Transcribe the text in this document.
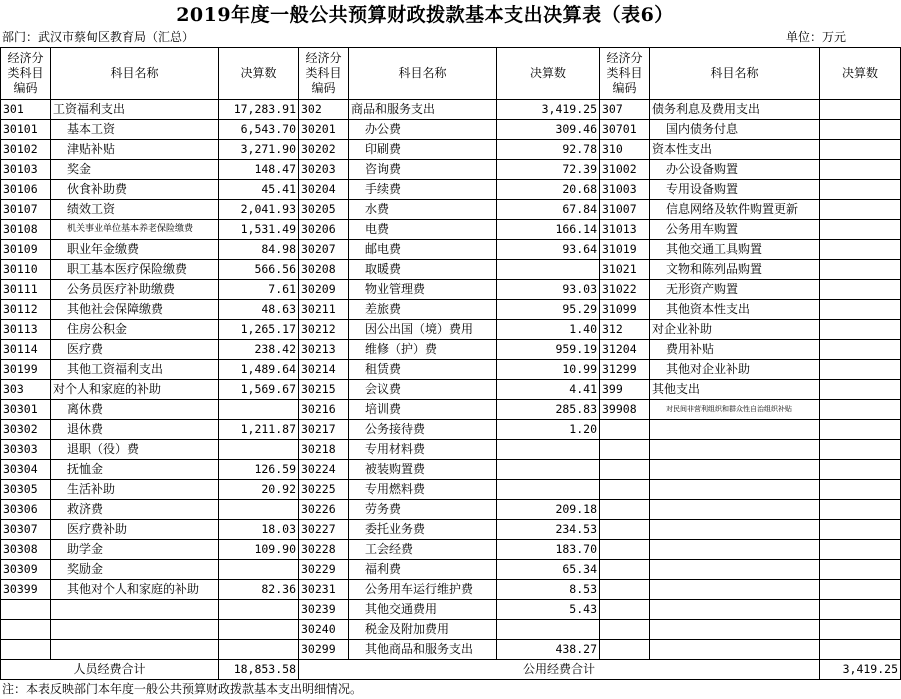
2019年度一般公共预算财政拨款基本支出决算表（表6）
部门：武汉市蔡甸区教育局（汇总）	单位：万元
经济分类科目编码	科目名称	决算数	经济分类科目编码	科目名称	决算数	经济分类科目编码	科目名称	决算数
301	工资福利支出	17,283.91	302	商品和服务支出	3,419.25	307	债务利息及费用支出	
30101	基本工资	6,543.70	30201	办公费	309.46	30701	国内债务付息	
30102	津贴补贴	3,271.90	30202	印刷费	92.78	310	资本性支出	
30103	奖金	148.47	30203	咨询费	72.39	31002	办公设备购置	
30106	伙食补助费	45.41	30204	手续费	20.68	31003	专用设备购置	
30107	绩效工资	2,041.93	30205	水费	67.84	31007	信息网络及软件购置更新	
30108	机关事业单位基本养老保险缴费	1,531.49	30206	电费	166.14	31013	公务用车购置	
30109	职业年金缴费	84.98	30207	邮电费	93.64	31019	其他交通工具购置	
30110	职工基本医疗保险缴费	566.56	30208	取暖费		31021	文物和陈列品购置	
30111	公务员医疗补助缴费	7.61	30209	物业管理费	93.03	31022	无形资产购置	
30112	其他社会保障缴费	48.63	30211	差旅费	95.29	31099	其他资本性支出	
30113	住房公积金	1,265.17	30212	因公出国（境）费用	1.40	312	对企业补助	
30114	医疗费	238.42	30213	维修（护）费	959.19	31204	费用补贴	
30199	其他工资福利支出	1,489.64	30214	租赁费	10.99	31299	其他对企业补助	
303	对个人和家庭的补助	1,569.67	30215	会议费	4.41	399	其他支出	
30301	离休费		30216	培训费	285.83	39908	对民间非营利组织和群众性自治组织补贴	
30302	退休费	1,211.87	30217	公务接待费	1.20			
30303	退职（役）费		30218	专用材料费				
30304	抚恤金	126.59	30224	被装购置费				
30305	生活补助	20.92	30225	专用燃料费				
30306	救济费		30226	劳务费	209.18			
30307	医疗费补助	18.03	30227	委托业务费	234.53			
30308	助学金	109.90	30228	工会经费	183.70			
30309	奖励金		30229	福利费	65.34			
30399	其他对个人和家庭的补助	82.36	30231	公务用车运行维护费	8.53			
			30239	其他交通费用	5.43			
			30240	税金及附加费用				
			30299	其他商品和服务支出	438.27			
人员经费合计		18,853.58	公用经费合计					3,419.25
注：本表反映部门本年度一般公共预算财政拨款基本支出明细情况。
